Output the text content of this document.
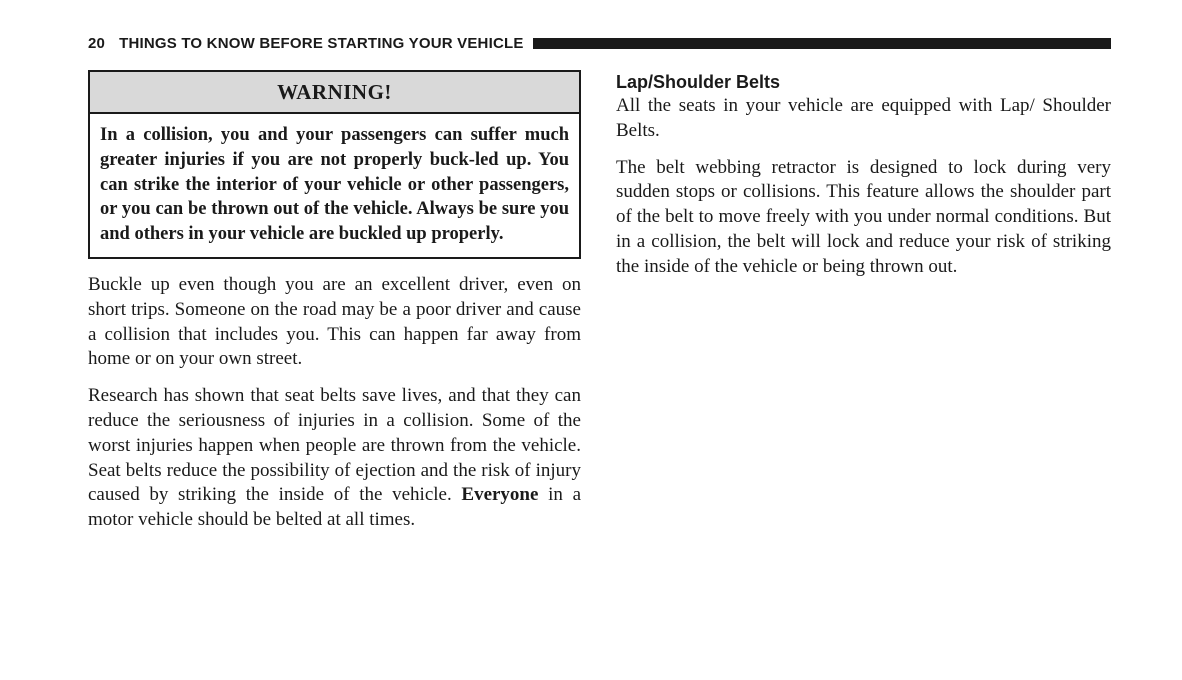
20 THINGS TO KNOW BEFORE STARTING YOUR VEHICLE
WARNING!
In a collision, you and your passengers can suffer much greater injuries if you are not properly buck-led up. You can strike the interior of your vehicle or other passengers, or you can be thrown out of the vehicle. Always be sure you and others in your vehicle are buckled up properly.

Buckle up even though you are an excellent driver, even on short trips. Someone on the road may be a poor driver and cause a collision that includes you. This can happen far away from home or on your own street.

Research has shown that seat belts save lives, and that they can reduce the seriousness of injuries in a collision. Some of the worst injuries happen when people are thrown from the vehicle. Seat belts reduce the possibility of ejection and the risk of injury caused by striking the inside of the vehicle. Everyone in a motor vehicle should be belted at all times.

Lap/Shoulder Belts

All the seats in your vehicle are equipped with Lap/ Shoulder Belts.

The belt webbing retractor is designed to lock during very sudden stops or collisions. This feature allows the shoulder part of the belt to move freely with you under normal conditions. But in a collision, the belt will lock and reduce your risk of striking the inside of the vehicle or being thrown out.
